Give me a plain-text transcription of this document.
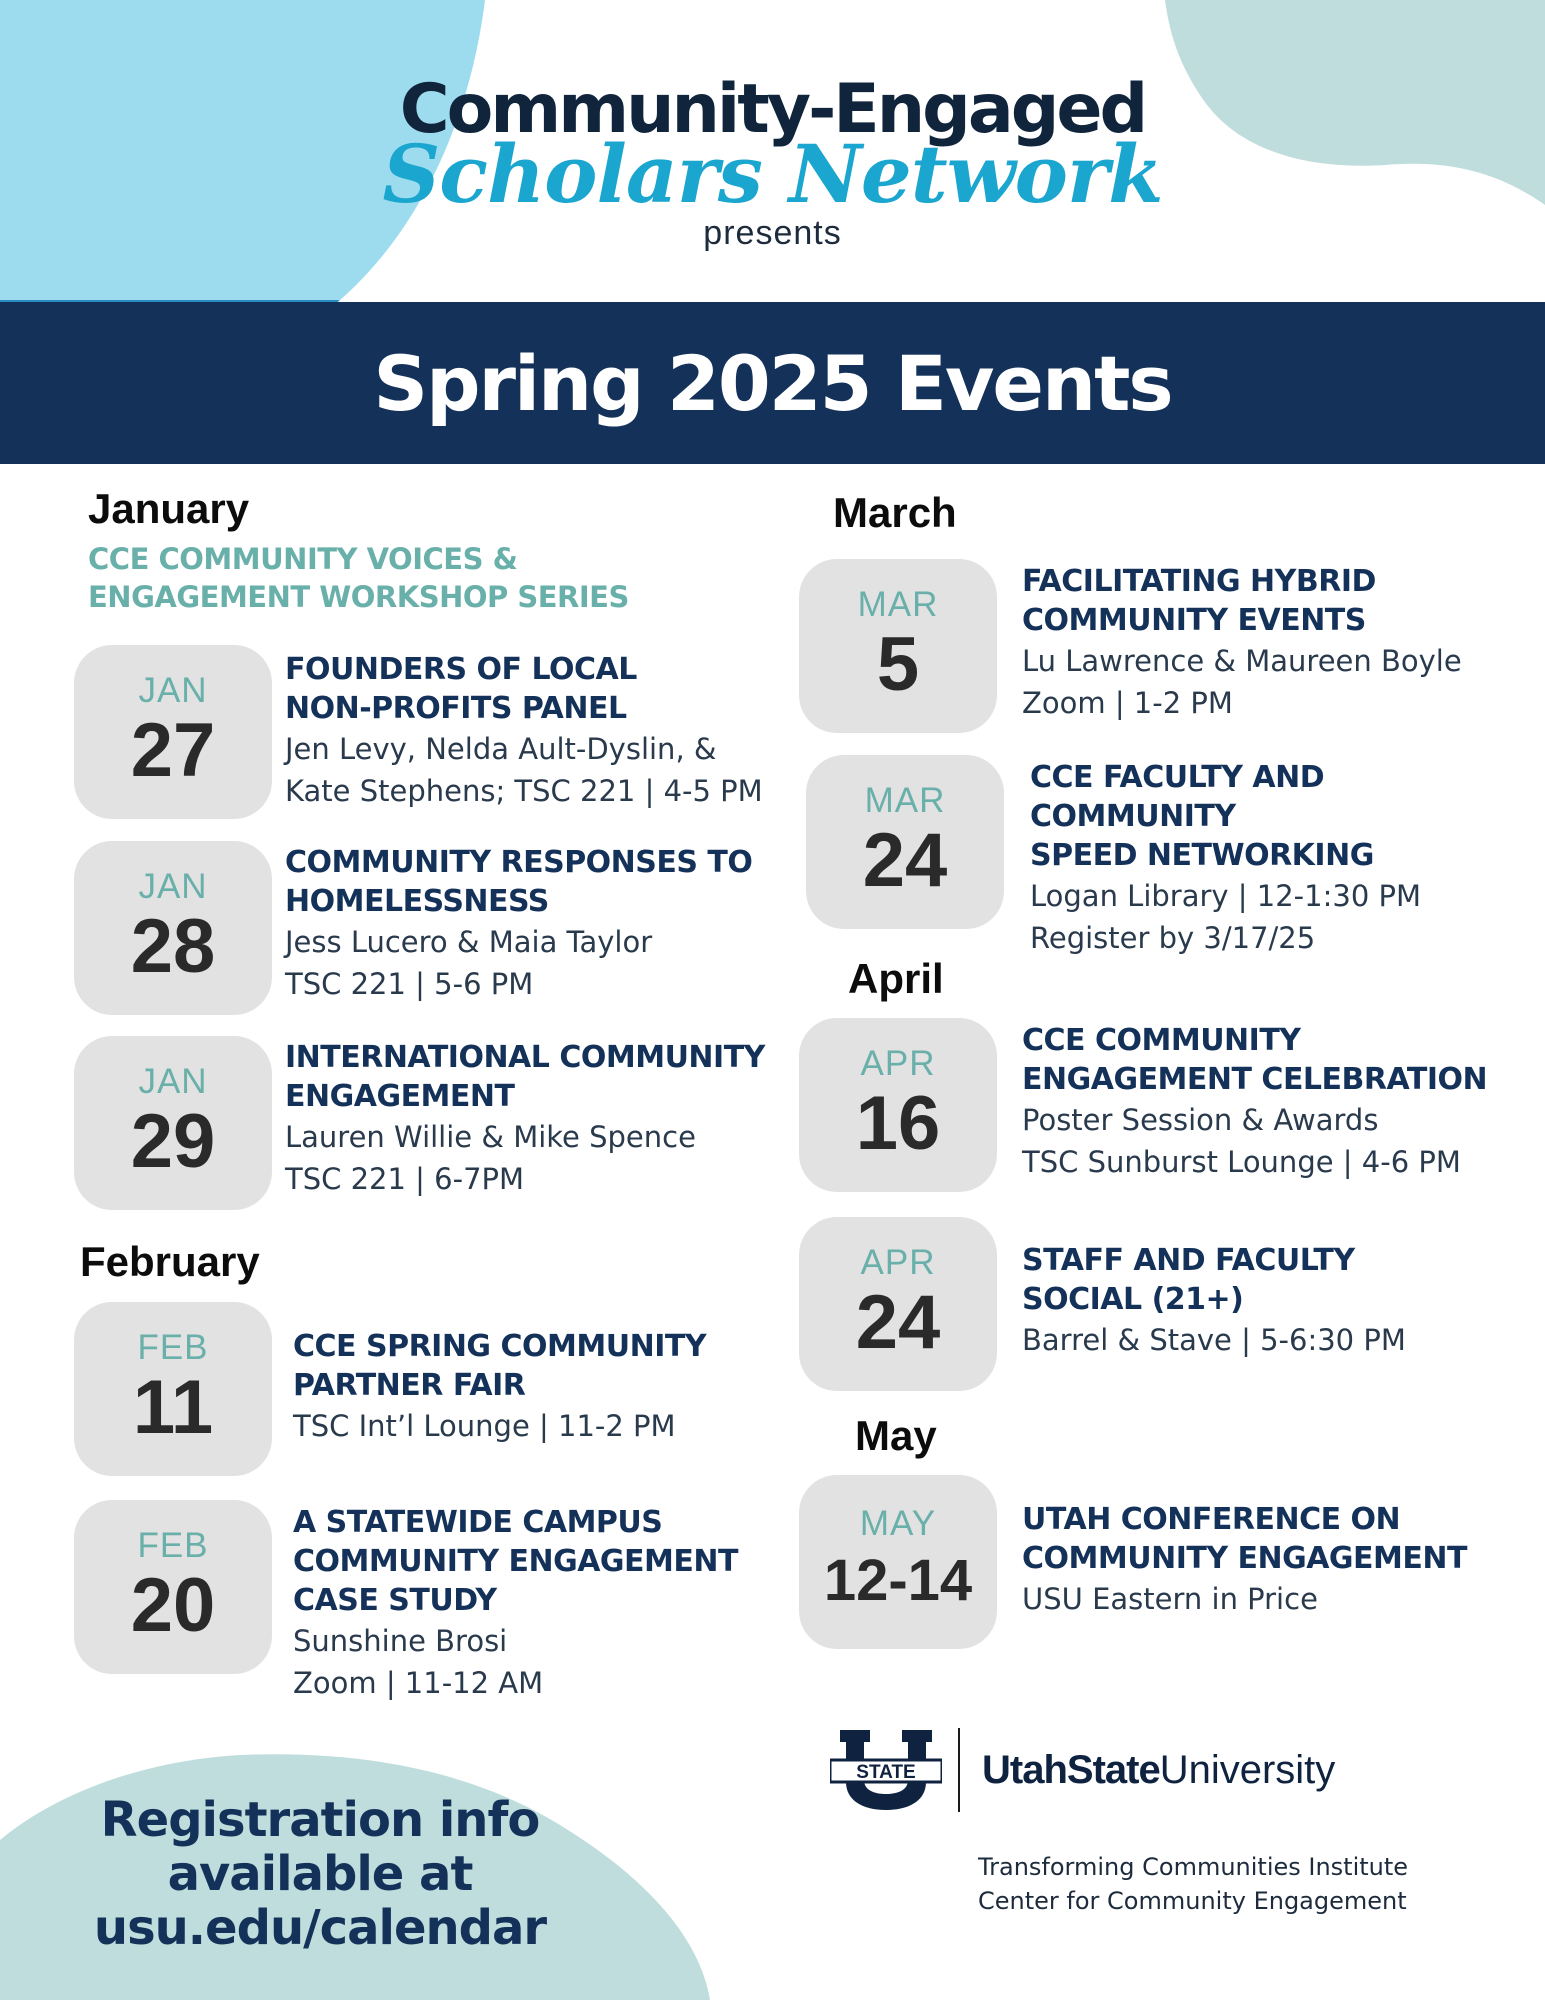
Community-Engaged
Scholars Network
presents
Spring 2025 Events
January
February
March
April
May
CCE COMMUNITY VOICES &
ENGAGEMENT WORKSHOP SERIES
JAN
27
FOUNDERS OF LOCAL
NON-PROFITS PANEL
Jen Levy, Nelda Ault-Dyslin, &
Kate Stephens; TSC 221 | 4-5 PM
JAN
28
COMMUNITY RESPONSES TO
HOMELESSNESS
Jess Lucero & Maia Taylor
TSC 221 | 5-6 PM
JAN
29
INTERNATIONAL COMMUNITY
ENGAGEMENT
Lauren Willie & Mike Spence
TSC 221 | 6-7PM
FEB
11
CCE SPRING COMMUNITY
PARTNER FAIR
TSC Int’l Lounge | 11-2 PM
FEB
20
A STATEWIDE CAMPUS
COMMUNITY ENGAGEMENT
CASE STUDY
Sunshine Brosi
Zoom | 11-12 AM
MAR
5
FACILITATING HYBRID
COMMUNITY EVENTS
Lu Lawrence & Maureen Boyle
Zoom | 1-2 PM
MAR
24
CCE FACULTY AND COMMUNITY
SPEED NETWORKING
Logan Library | 12-1:30 PM
Register by 3/17/25
APR
16
CCE COMMUNITY
ENGAGEMENT CELEBRATION
Poster Session & Awards
TSC Sunburst Lounge | 4-6 PM
APR
24
STAFF AND FACULTY
SOCIAL (21+)
Barrel & Stave | 5-6:30 PM
MAY
12-14
UTAH CONFERENCE ON
COMMUNITY ENGAGEMENT
USU Eastern in Price
STATE UtahStateUniversity
Transforming Communities Institute
Center for Community Engagement
Registration info
available at
usu.edu/calendar
